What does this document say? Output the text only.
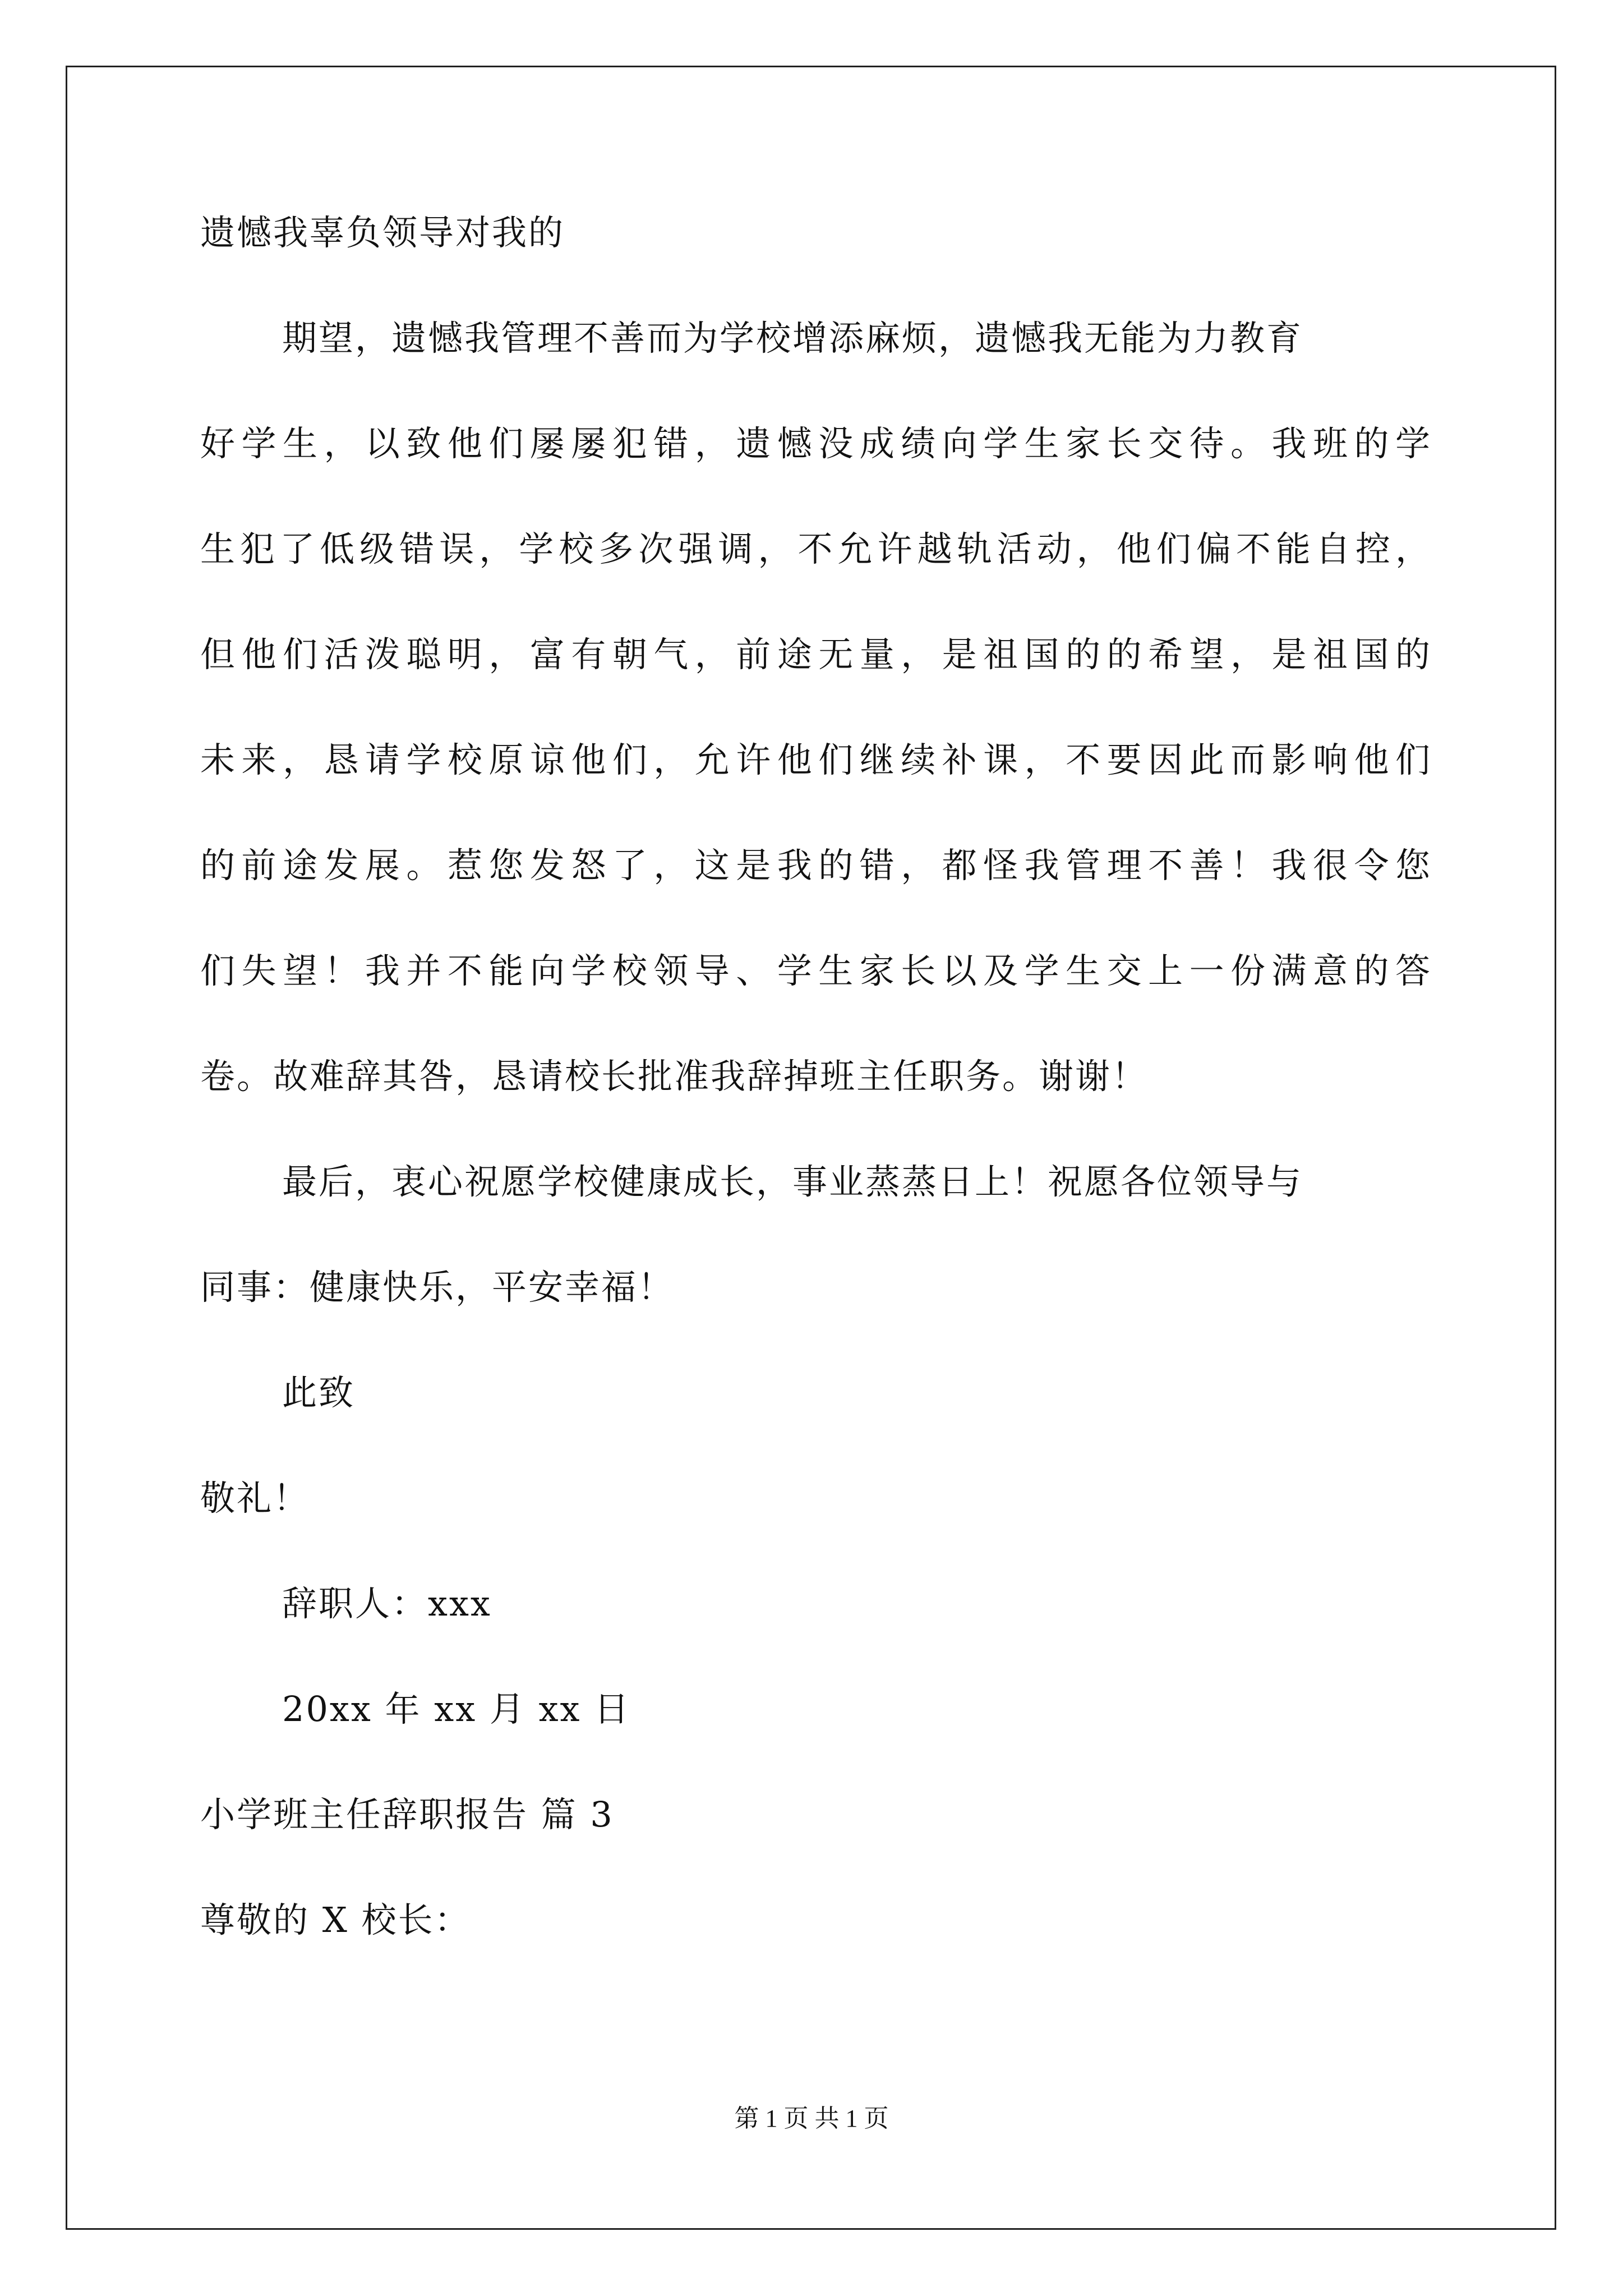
遗憾我辜负领导对我的
期望，遗憾我管理不善而为学校增添麻烦，遗憾我无能为力教育
好学生，以致他们屡屡犯错，遗憾没成绩向学生家长交待。我班的学
生犯了低级错误，学校多次强调，不允许越轨活动，他们偏不能自控，
但他们活泼聪明，富有朝气，前途无量，是祖国的的希望，是祖国的
未来，恳请学校原谅他们，允许他们继续补课，不要因此而影响他们
的前途发展。惹您发怒了，这是我的错，都怪我管理不善！我很令您
们失望！我并不能向学校领导、学生家长以及学生交上一份满意的答
卷。故难辞其咎，恳请校长批准我辞掉班主任职务。谢谢！
最后，衷心祝愿学校健康成长，事业蒸蒸日上！祝愿各位领导与
同事：健康快乐，平安幸福！
此致
敬礼！
辞职人：xxx
20xx 年 xx 月 xx 日
小学班主任辞职报告 篇 3
尊敬的 X 校长：
第 1 页 共 1 页
